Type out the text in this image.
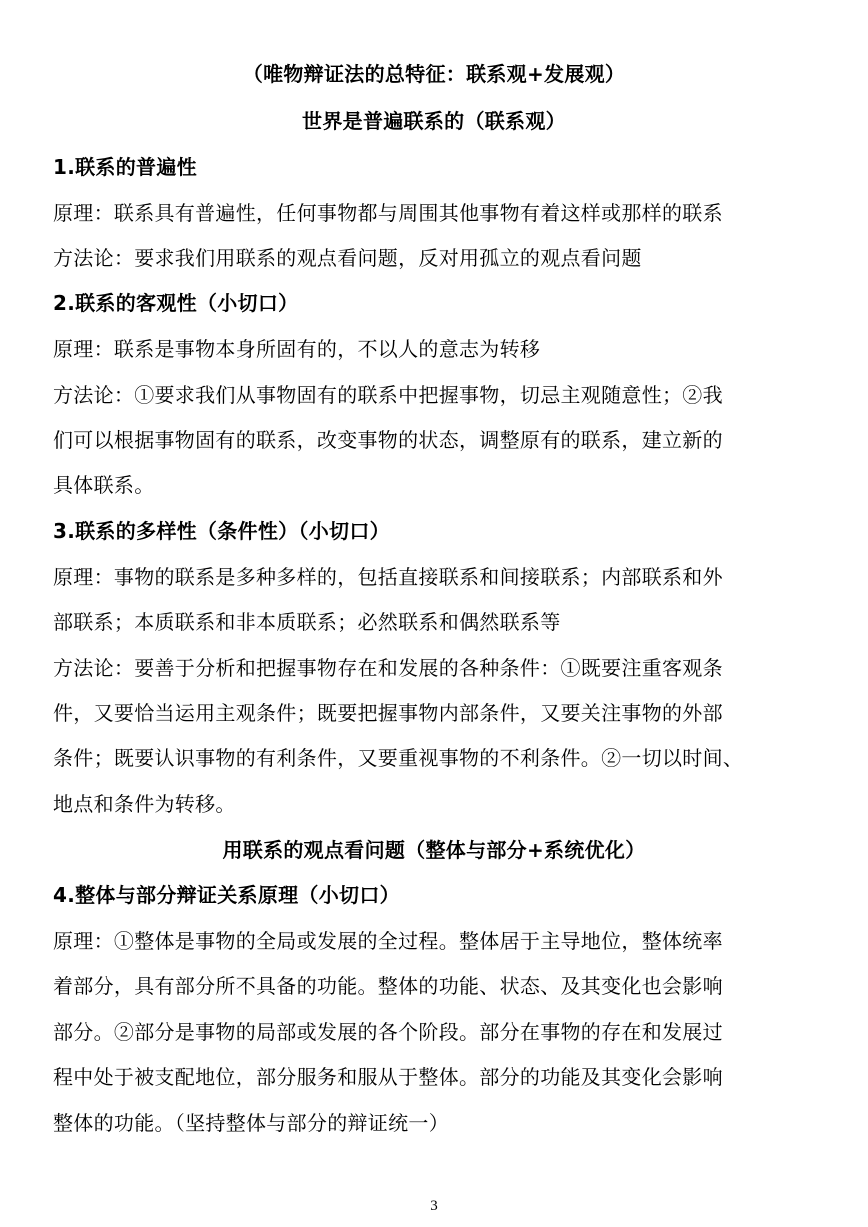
（唯物辩证法的总特征：联系观+发展观）
世界是普遍联系的（联系观）
1.联系的普遍性
原理：联系具有普遍性，任何事物都与周围其他事物有着这样或那样的联系
方法论：要求我们用联系的观点看问题，反对用孤立的观点看问题
2.联系的客观性（小切口）
原理：联系是事物本身所固有的，不以人的意志为转移
方法论：①要求我们从事物固有的联系中把握事物，切忌主观随意性；②我
们可以根据事物固有的联系，改变事物的状态，调整原有的联系，建立新的
具体联系。
3.联系的多样性（条件性）（小切口）
原理：事物的联系是多种多样的，包括直接联系和间接联系；内部联系和外
部联系；本质联系和非本质联系；必然联系和偶然联系等
方法论：要善于分析和把握事物存在和发展的各种条件：①既要注重客观条
件，又要恰当运用主观条件；既要把握事物内部条件，又要关注事物的外部
条件；既要认识事物的有利条件，又要重视事物的不利条件。②一切以时间、
地点和条件为转移。
用联系的观点看问题（整体与部分+系统优化）
4.整体与部分辩证关系原理（小切口）
原理：①整体是事物的全局或发展的全过程。整体居于主导地位，整体统率
着部分，具有部分所不具备的功能。整体的功能、状态、及其变化也会影响
部分。②部分是事物的局部或发展的各个阶段。部分在事物的存在和发展过
程中处于被支配地位，部分服务和服从于整体。部分的功能及其变化会影响
整体的功能。（坚持整体与部分的辩证统一）
3
